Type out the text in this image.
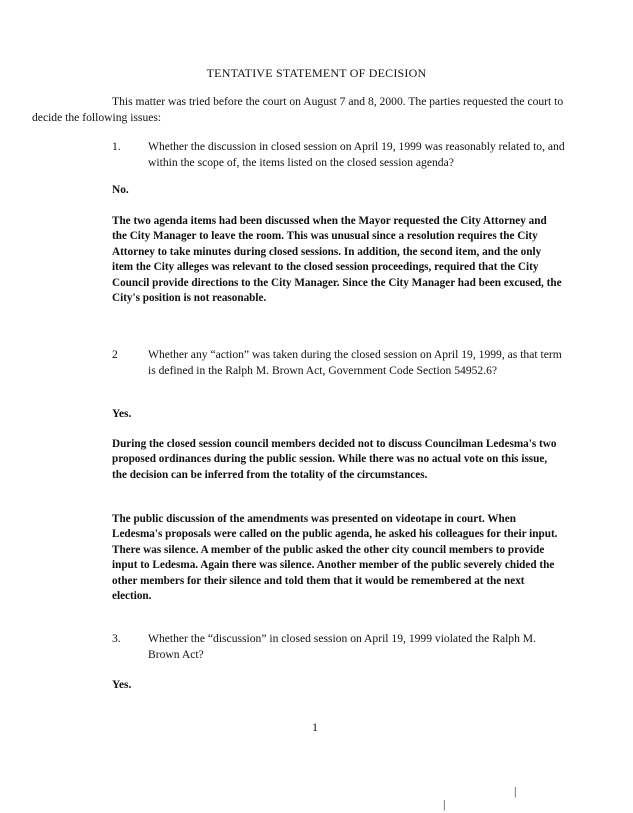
TENTATIVE STATEMENT OF DECISION

This matter was tried before the court on August 7 and 8, 2000. The parties requested the court to decide the following issues:

1. Whether the discussion in closed session on April 19, 1999 was reasonably related to, and within the scope of, the items listed on the closed session agenda?

No.

The two agenda items had been discussed when the Mayor requested the City Attorney and the City Manager to leave the room. This was unusual since a resolution requires the City Attorney to take minutes during closed sessions. In addition, the second item, and the only item the City alleges was relevant to the closed session proceedings, required that the City Council provide directions to the City Manager. Since the City Manager had been excused, the City's position is not reasonable.

2	Whether any “action” was taken during the closed session on April 19, 1999, as that term is defined in the Ralph M. Brown Act, Government Code Section 54952.6?

Yes.

During the closed session council members decided not to discuss Councilman Ledesma's two proposed ordinances during the public session. While there was no actual vote on this issue, the decision can be inferred from the totality of the circumstances.

The public discussion of the amendments was presented on videotape in court. When Ledesma's proposals were called on the public agenda, he asked his colleagues for their input. There was silence. A member of the public asked the other city council members to provide input to Ledesma. Again there was silence. Another member of the public severely chided the other members for their silence and told them that it would be remembered at the next election.

3. Whether the “discussion” in closed session on April 19, 1999 violated the Ralph M. Brown Act?

Yes.
1
|
|
